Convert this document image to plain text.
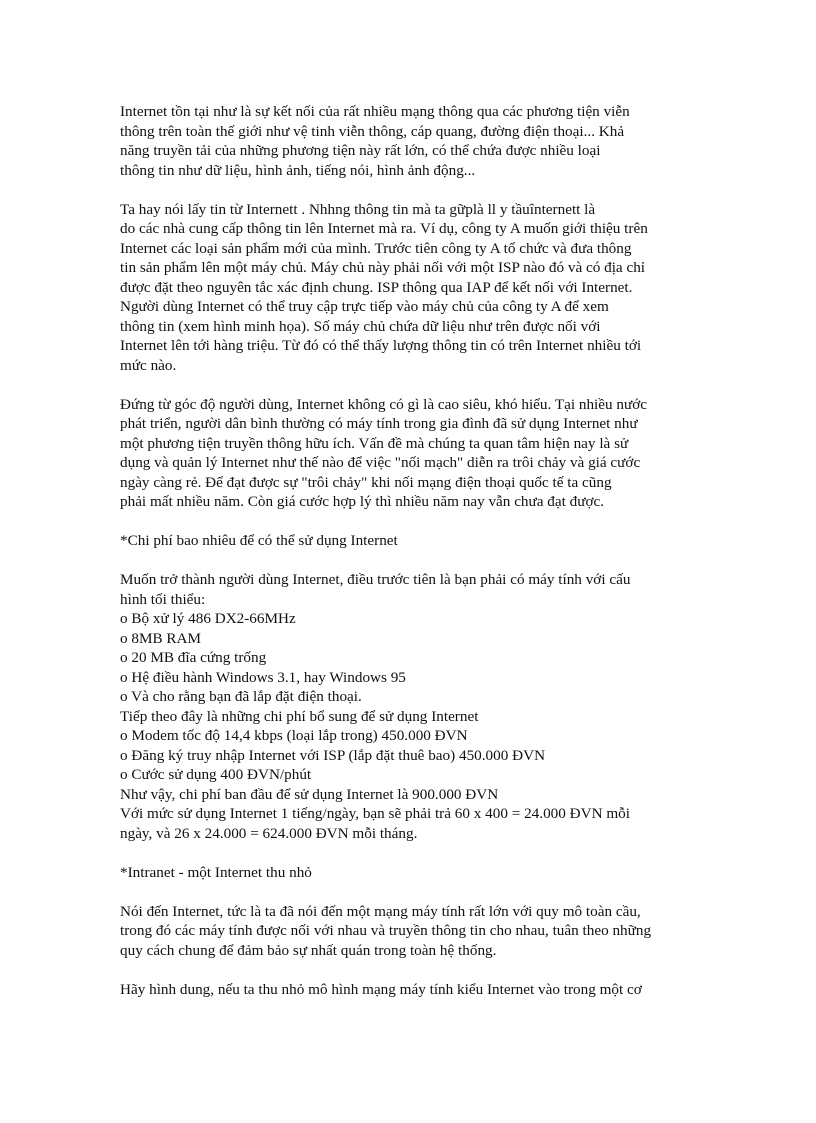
Internet tồn tại như là sự kết nối của rất nhiều mạng thông qua các phương tiện viễn
thông trên toàn thế giới như vệ tinh viễn thông, cáp quang, đường điện thoại... Khả
năng truyền tải của những phương tiện này rất lớn, có thể chứa được nhiều loại
thông tin như dữ liệu, hình ảnh, tiếng nói, hình ảnh động...
Ta hay nói lấy tin từ Internett . Nhhng thông tin mà ta gữplà ll y tầuînternett là
do các nhà cung cấp thông tin lên Internet mà ra. Ví dụ, công ty A muốn giới thiệu trên
Internet các loại sản phẩm mới của mình. Trước tiên công ty A tổ chức và đưa thông
tin sản phẩm lên một máy chủ. Máy chủ này phải nối với một ISP nào đó và có địa chỉ
được đặt theo nguyên tắc xác định chung. ISP thông qua IAP để kết nối với Internet.
Người dùng Internet có thể truy cập trực tiếp vào máy chủ của công ty A để xem
thông tin (xem hình minh họa). Số máy chủ chứa dữ liệu như trên được nối với
Internet lên tới hàng triệu. Từ đó có thể thấy lượng thông tin có trên Internet nhiều tới
mức nào.
Đứng từ góc độ người dùng, Internet không có gì là cao siêu, khó hiểu. Tại nhiều nước
phát triển, người dân bình thường có máy tính trong gia đình đã sử dụng Internet như
một phương tiện truyền thông hữu ích. Vấn đề mà chúng ta quan tâm hiện nay là sử
dụng và quản lý Internet như thế nào để việc "nối mạch" diễn ra trôi chảy và giá cước
ngày càng rẻ. Để đạt được sự "trôi chảy" khi nối mạng điện thoại quốc tế ta cũng
phải mất nhiều năm. Còn giá cước hợp lý thì nhiều năm nay vẫn chưa đạt được.
*Chi phí bao nhiêu để có thể sử dụng Internet
Muốn trở thành người dùng Internet, điều trước tiên là bạn phải có máy tính với cấu
hình tối thiểu:
o Bộ xử lý 486 DX2-66MHz
o 8MB RAM
o 20 MB đĩa cứng trống
o Hệ điều hành Windows 3.1, hay Windows 95
o Và cho rằng bạn đã lắp đặt điện thoại.
Tiếp theo đây là những chi phí bổ sung để sử dụng Internet
o Modem tốc độ 14,4 kbps (loại lắp trong) 450.000 ĐVN
o Đăng ký truy nhập Internet với ISP (lắp đặt thuê bao) 450.000 ĐVN
o Cước sử dụng 400 ĐVN/phút
Như vậy, chi phí ban đầu để sử dụng Internet là 900.000 ĐVN
Với mức sử dụng Internet 1 tiếng/ngày, bạn sẽ phải trả 60 x 400 = 24.000 ĐVN mỗi
ngày, và 26 x 24.000 = 624.000 ĐVN mỗi tháng.
*Intranet - một Internet thu nhỏ
Nói đến Internet, tức là ta đã nói đến một mạng máy tính rất lớn với quy mô toàn cầu,
trong đó các máy tính được nối với nhau và truyền thông tin cho nhau, tuân theo những
quy cách chung để đảm bảo sự nhất quán trong toàn hệ thống.
Hãy hình dung, nếu ta thu nhỏ mô hình mạng máy tính kiểu Internet vào trong một cơ
